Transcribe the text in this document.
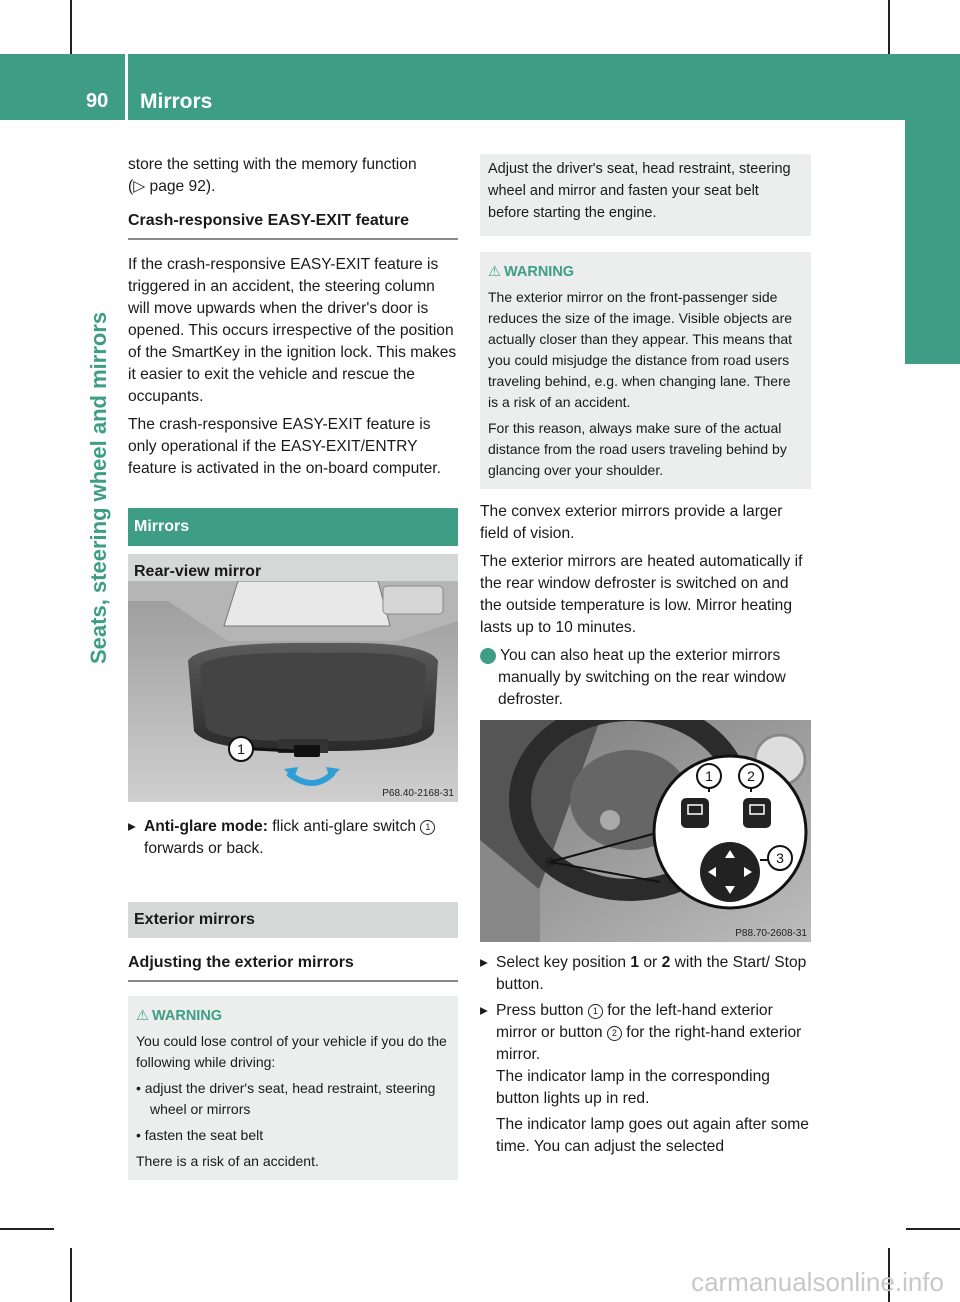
90 Mirrors
Seats, steering wheel and mirrors

store the setting with the memory function
(▷ page 92).

Crash-responsive EASY-EXIT feature

If the crash-responsive EASY-EXIT feature is triggered in an accident, the steering column will move upwards when the driver's door is opened. This occurs irrespective of the position of the SmartKey in the ignition lock. This makes it easier to exit the vehicle and rescue the occupants.

The crash-responsive EASY-EXIT feature is only operational if the EASY-EXIT/ENTRY feature is activated in the on-board computer.

Mirrors
Rear-view mirror
1
P68.40-2168-31

▸ Anti-glare mode: flick anti-glare switch 1 forwards or back.

Exterior mirrors
Adjusting the exterior mirrors
⚠ WARNING

You could lose control of your vehicle if you do the following while driving:

• adjust the driver's seat, head restraint, steering wheel or mirrors

• fasten the seat belt

There is a risk of an accident.

Adjust the driver's seat, head restraint, steering wheel and mirror and fasten your seat belt before starting the engine.

⚠ WARNING

The exterior mirror on the front-passenger side reduces the size of the image. Visible objects are actually closer than they appear. This means that you could misjudge the distance from road users traveling behind, e.g. when changing lane. There is a risk of an accident.

For this reason, always make sure of the actual distance from the road users traveling behind by glancing over your shoulder.

The convex exterior mirrors provide a larger field of vision.

The exterior mirrors are heated automatically if the rear window defroster is switched on and the outside temperature is low. Mirror heating lasts up to 10 minutes.

i You can also heat up the exterior mirrors manually by switching on the rear window defroster.

1 2
3
P88.70-2608-31

▸ Select key position 1 or 2 with the Start/ Stop button.

▸ Press button 1 for the left-hand exterior mirror or button 2 for the right-hand exterior mirror.

The indicator lamp in the corresponding button lights up in red.

The indicator lamp goes out again after some time. You can adjust the selected

carmanualsonline.info
